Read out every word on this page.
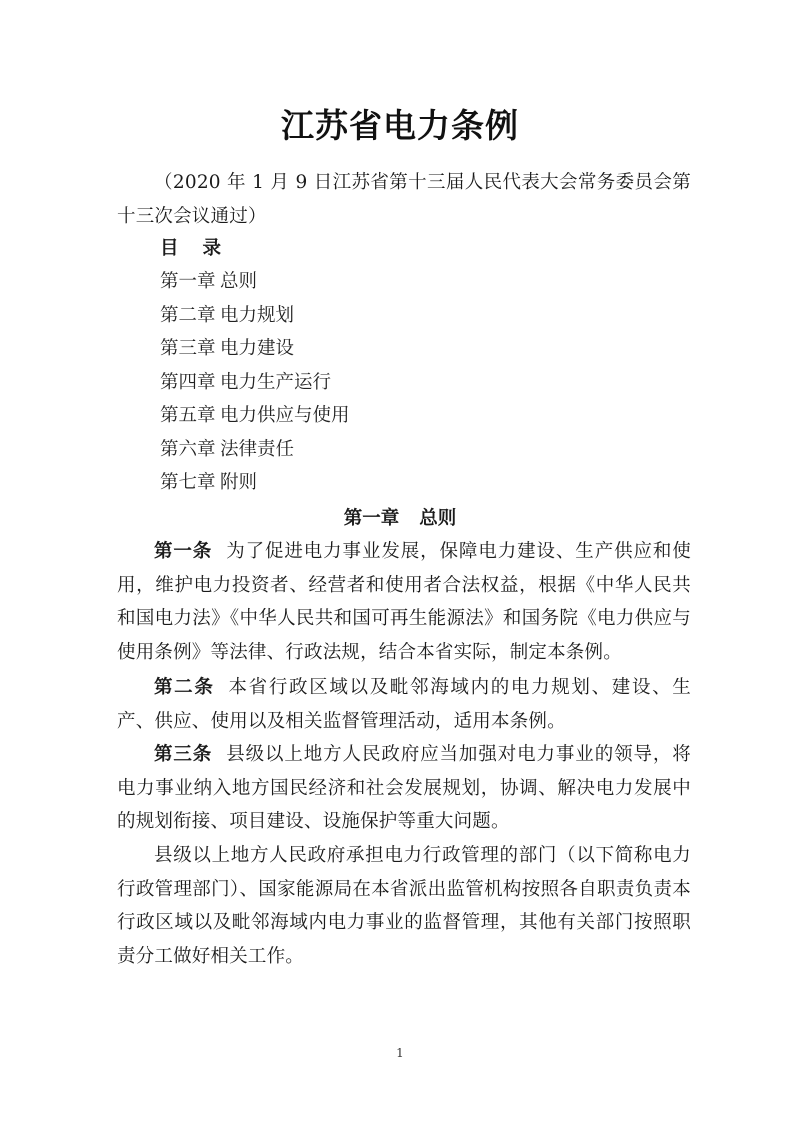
江苏省电力条例
（2020 年 1 月 9 日江苏省第十三届人民代表大会常务委员会第十三次会议通过）
目 录
第一章 总则
第二章 电力规划
第三章 电力建设
第四章 电力生产运行
第五章 电力供应与使用
第六章 法律责任
第七章 附则
第一章 总则
第一条 为了促进电力事业发展，保障电力建设、生产供应和使用，维护电力投资者、经营者和使用者合法权益，根据《中华人民共和国电力法》《中华人民共和国可再生能源法》和国务院《电力供应与使用条例》等法律、行政法规，结合本省实际，制定本条例。
第二条 本省行政区域以及毗邻海域内的电力规划、建设、生产、供应、使用以及相关监督管理活动，适用本条例。
第三条 县级以上地方人民政府应当加强对电力事业的领导，将电力事业纳入地方国民经济和社会发展规划，协调、解决电力发展中的规划衔接、项目建设、设施保护等重大问题。
县级以上地方人民政府承担电力行政管理的部门（以下简称电力行政管理部门）、国家能源局在本省派出监管机构按照各自职责负责本行政区域以及毗邻海域内电力事业的监督管理，其他有关部门按照职责分工做好相关工作。
1
